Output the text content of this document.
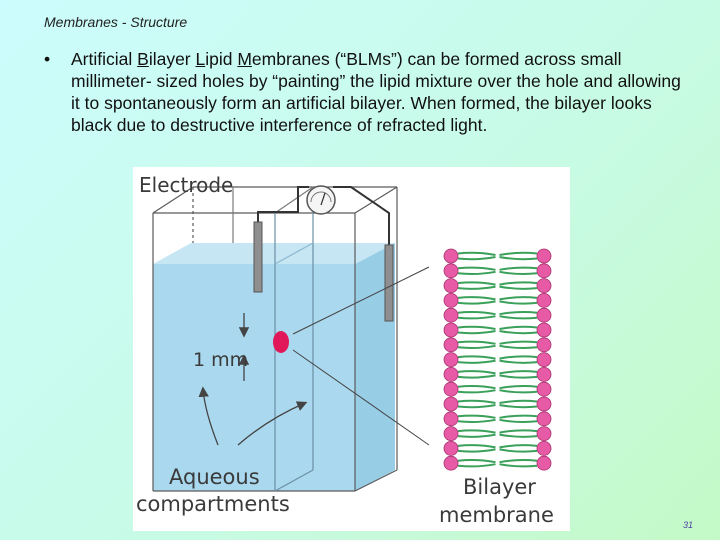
Membranes - Structure
• Artificial Bilayer Lipid Membranes (“BLMs”) can be formed across small millimeter- sized holes by “painting” the lipid mixture over the hole and allowing it to spontaneously form an artificial bilayer. When formed, the bilayer looks black due to destructive interference of refracted light.
Electrode
1 mm
Aqueous
compartments
Bilayer
membrane	31
